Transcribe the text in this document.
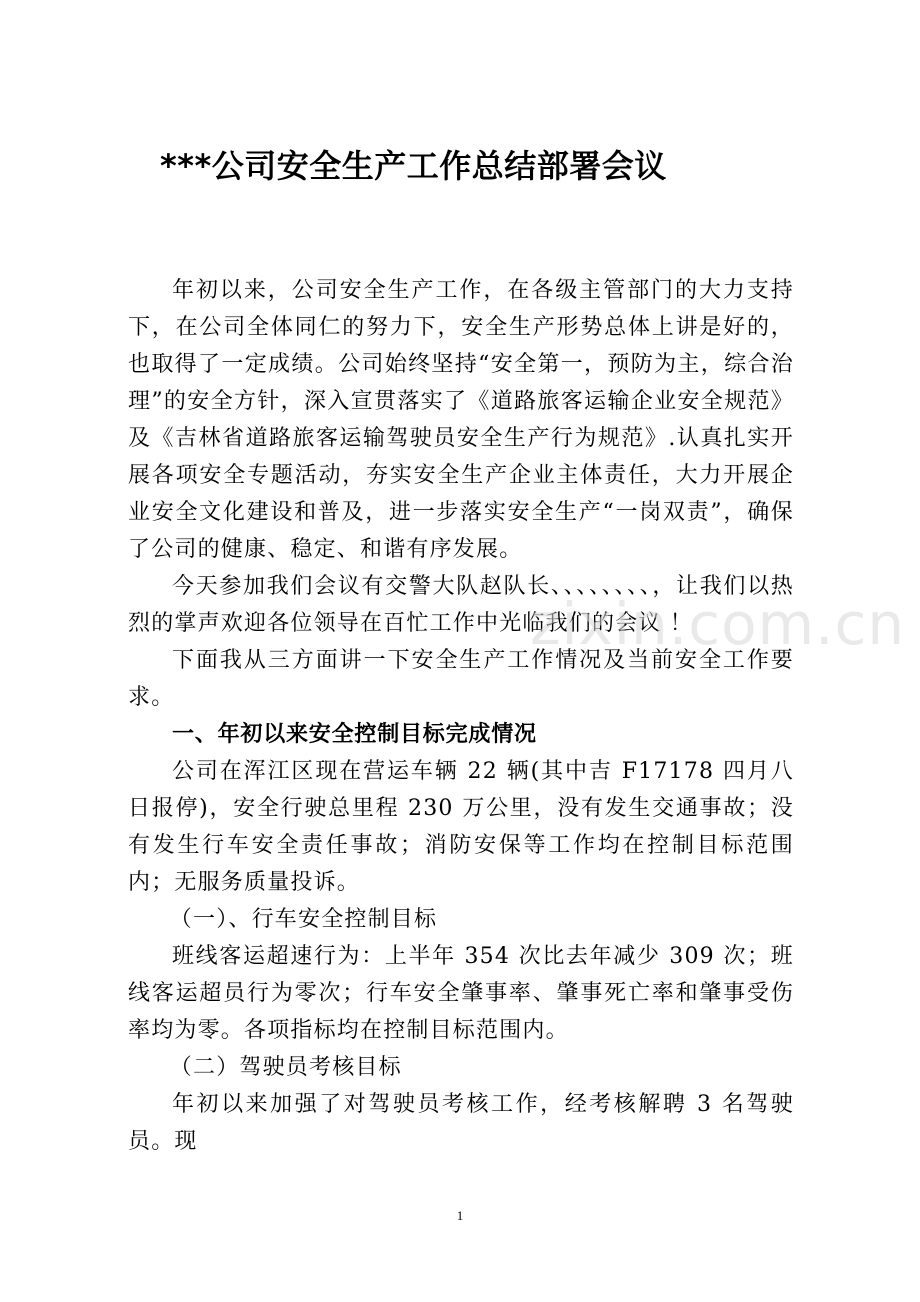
***公司安全生产工作总结部署会议

年初以来，公司安全生产工作，在各级主管部门的大力支持下，在公司全体同仁的努力下，安全生产形势总体上讲是好的，也取得了一定成绩。公司始终坚持“安全第一，预防为主，综合治理”的安全方针，深入宣贯落实了《道路旅客运输企业安全规范》及《吉林省道路旅客运输驾驶员安全生产行为规范》.认真扎实开展各项安全专题活动，夯实安全生产企业主体责任，大力开展企业安全文化建设和普及，进一步落实安全生产“一岗双责”，确保了公司的健康、稳定、和谐有序发展。

今天参加我们会议有交警大队赵队长、、、、、、、、，让我们以热烈的掌声欢迎各位领导在百忙工作中光临我们的会议 ！

下面我从三方面讲一下安全生产工作情况及当前安全工作要求。

一、年初以来安全控制目标完成情况

公司在浑江区现在营运车辆 22 辆(其中吉 F17178 四月八日报停)，安全行驶总里程 230 万公里，没有发生交通事故；没有发生行车安全责任事故；消防安保等工作均在控制目标范围内；无服务质量投诉。

（一）、行车安全控制目标

班线客运超速行为：上半年 354 次比去年减少 309 次；班线客运超员行为零次；行车安全肇事率、肇事死亡率和肇事受伤率均为零。各项指标均在控制目标范围内。

（二）驾驶员考核目标

年初以来加强了对驾驶员考核工作，经考核解聘 3 名驾驶员。现

zixin.com.cn
1
